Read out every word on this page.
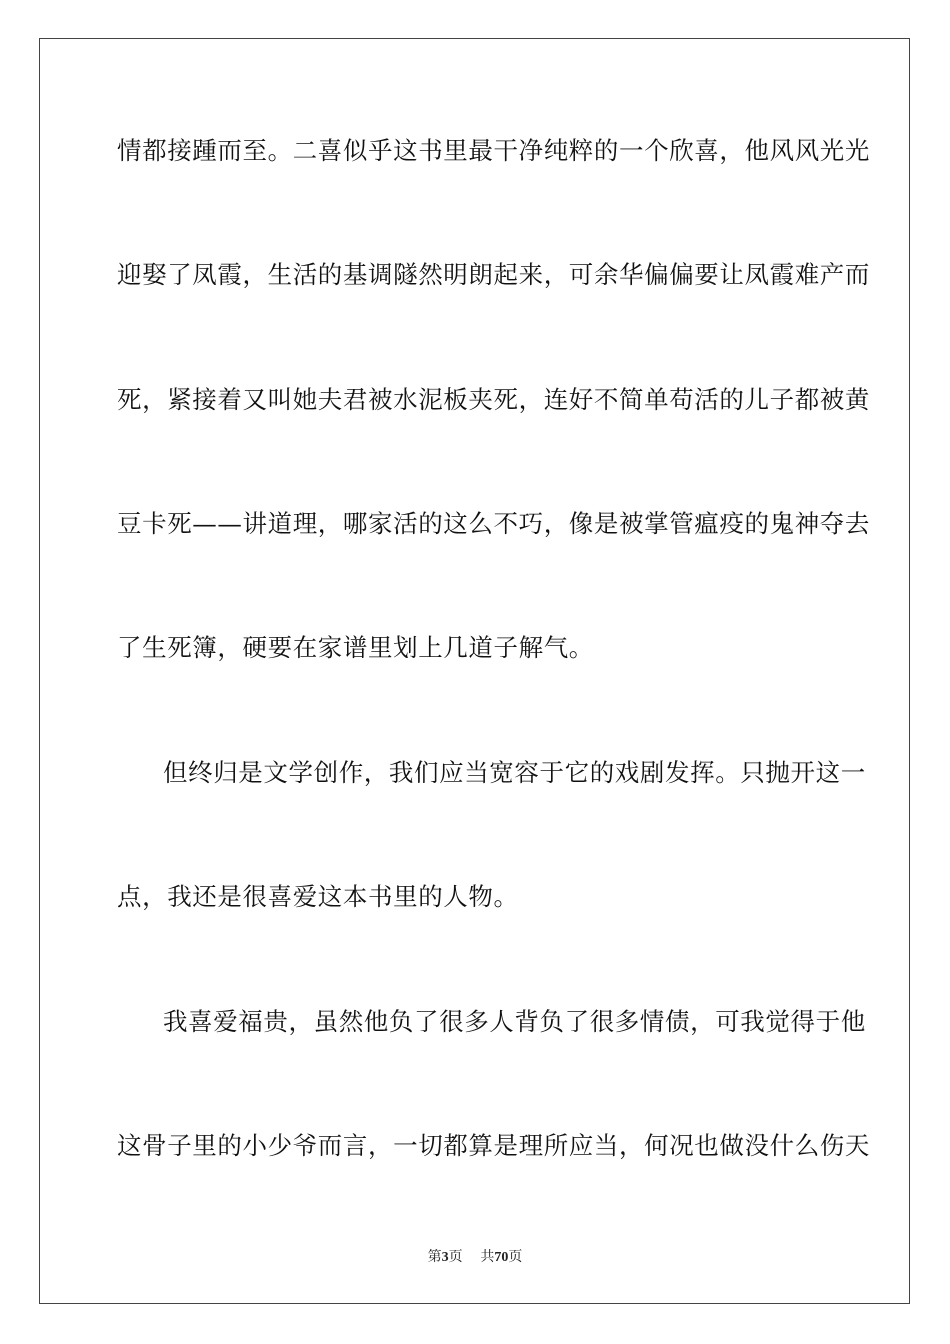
情都接踵而至。二喜似乎这书里最干净纯粹的一个欣喜，他风风光光
迎娶了凤霞，生活的基调隧然明朗起来，可余华偏偏要让凤霞难产而
死，紧接着又叫她夫君被水泥板夹死，连好不简单苟活的儿子都被黄
豆卡死——讲道理，哪家活的这么不巧，像是被掌管瘟疫的鬼神夺去
了生死簿，硬要在家谱里划上几道子解气。
但终归是文学创作，我们应当宽容于它的戏剧发挥。只抛开这一
点，我还是很喜爱这本书里的人物。
我喜爱福贵，虽然他负了很多人背负了很多情债，可我觉得于他
这骨子里的小少爷而言，一切都算是理所应当，何况也做没什么伤天
第3页 共70页
